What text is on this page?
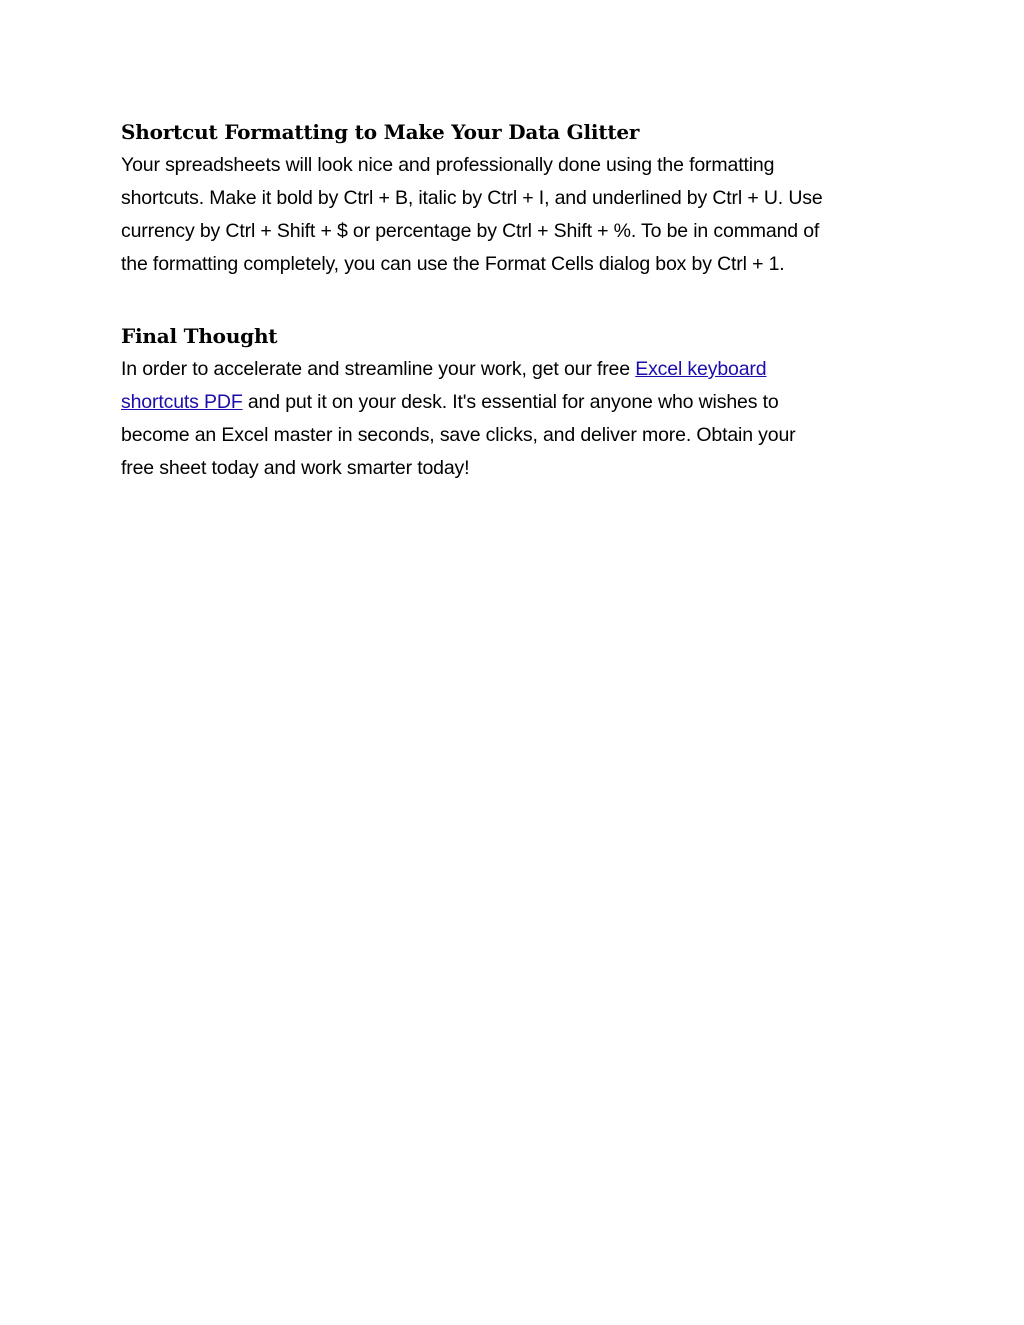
Shortcut Formatting to Make Your Data Glitter

Your spreadsheets will look nice and professionally done using the formatting
shortcuts. Make it bold by Ctrl + B, italic by Ctrl + I, and underlined by Ctrl + U. Use
currency by Ctrl + Shift + $ or percentage by Ctrl + Shift + %. To be in command of
the formatting completely, you can use the Format Cells dialog box by Ctrl + 1.

Final Thought

In order to accelerate and streamline your work, get our free Excel keyboard
shortcuts PDF and put it on your desk. It's essential for anyone who wishes to
become an Excel master in seconds, save clicks, and deliver more. Obtain your
free sheet today and work smarter today!
